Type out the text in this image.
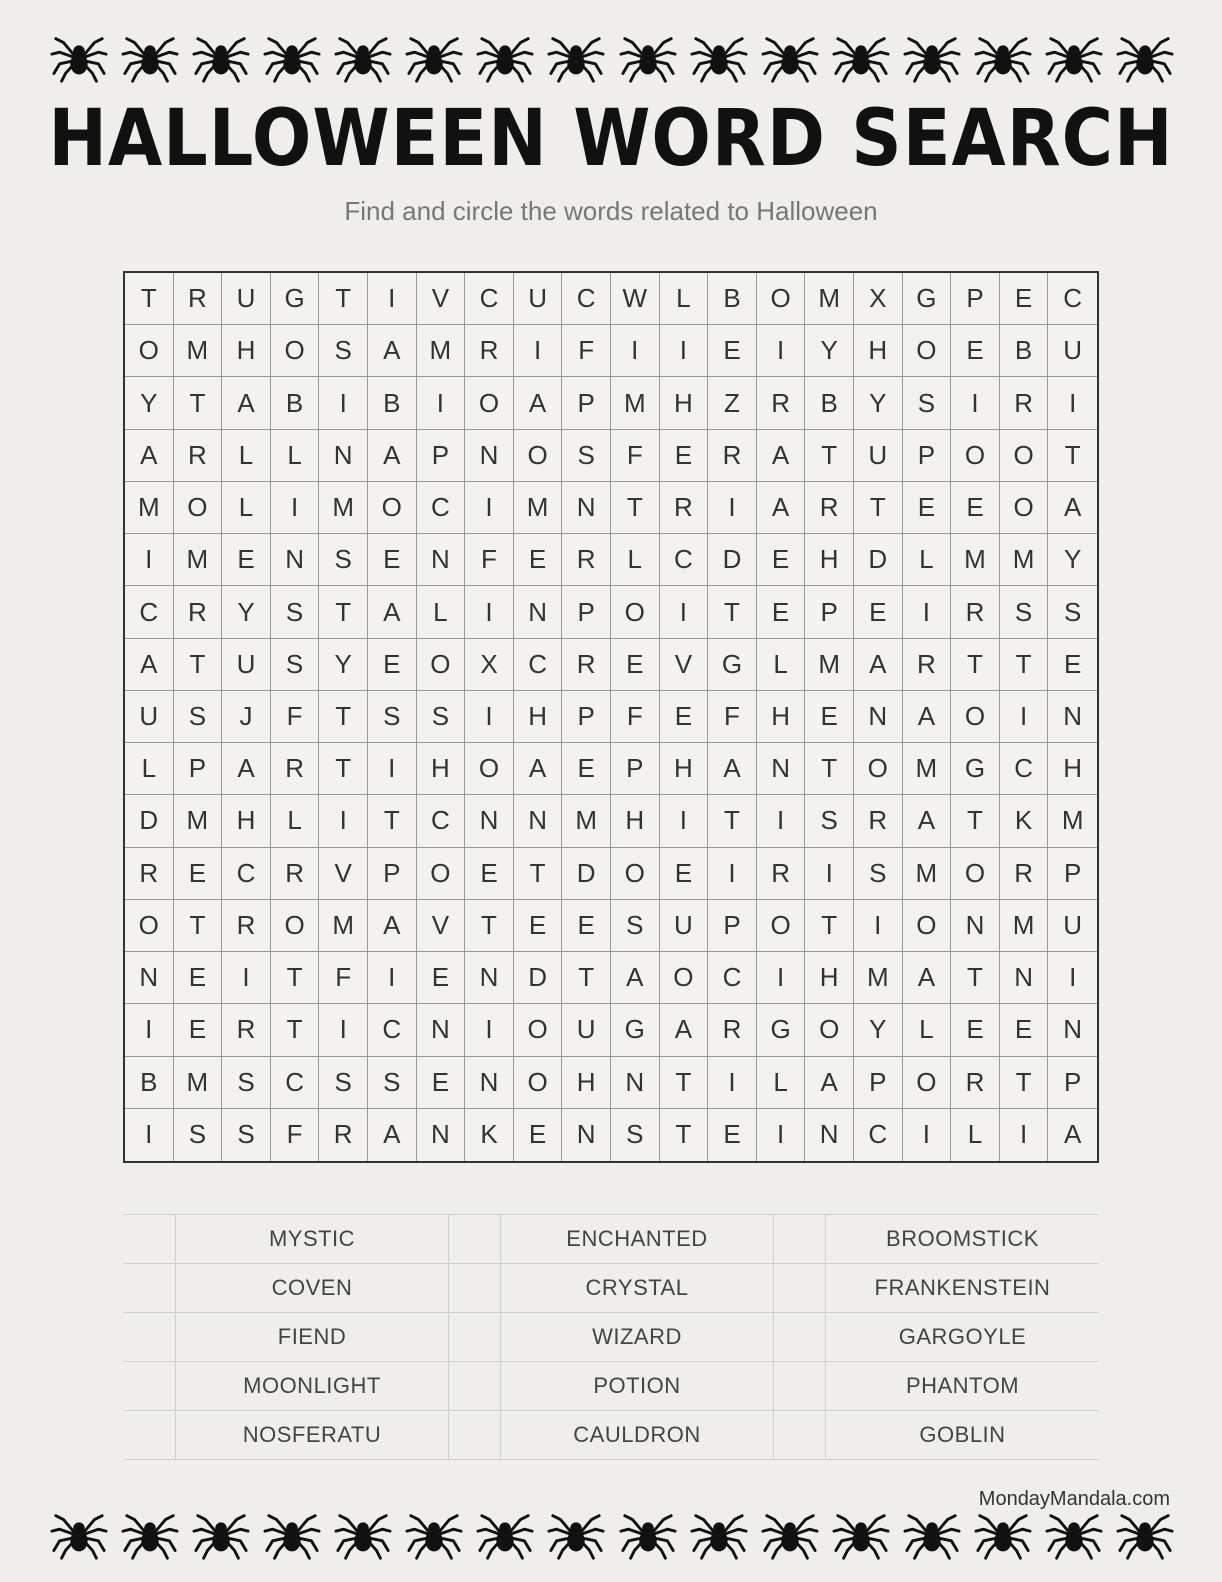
HALLOWEEN WORD SEARCH
Find and circle the words related to Halloween
T	R	U	G	T	I	V	C	U	C	W	L	B	O	M	X	G	P	E	C
O	M	H	O	S	A	M	R	I	F	I	I	E	I	Y	H	O	E	B	U
Y	T	A	B	I	B	I	O	A	P	M	H	Z	R	B	Y	S	I	R	I
A	R	L	L	N	A	P	N	O	S	F	E	R	A	T	U	P	O	O	T
M	O	L	I	M	O	C	I	M	N	T	R	I	A	R	T	E	E	O	A
I	M	E	N	S	E	N	F	E	R	L	C	D	E	H	D	L	M	M	Y
C	R	Y	S	T	A	L	I	N	P	O	I	T	E	P	E	I	R	S	S
A	T	U	S	Y	E	O	X	C	R	E	V	G	L	M	A	R	T	T	E
U	S	J	F	T	S	S	I	H	P	F	E	F	H	E	N	A	O	I	N
L	P	A	R	T	I	H	O	A	E	P	H	A	N	T	O	M	G	C	H
D	M	H	L	I	T	C	N	N	M	H	I	T	I	S	R	A	T	K	M
R	E	C	R	V	P	O	E	T	D	O	E	I	R	I	S	M	O	R	P
O	T	R	O	M	A	V	T	E	E	S	U	P	O	T	I	O	N	M	U
N	E	I	T	F	I	E	N	D	T	A	O	C	I	H	M	A	T	N	I
I	E	R	T	I	C	N	I	O	U	G	A	R	G	O	Y	L	E	E	N
B	M	S	C	S	S	E	N	O	H	N	T	I	L	A	P	O	R	T	P
I	S	S	F	R	A	N	K	E	N	S	T	E	I	N	C	I	L	I	A
MYSTIC	ENCHANTED	BROOMSTICK
COVEN	CRYSTAL	FRANKENSTEIN
FIEND	WIZARD	GARGOYLE
MOONLIGHT	POTION	PHANTOM
NOSFERATU	CAULDRON	GOBLIN
MondayMandala.com
